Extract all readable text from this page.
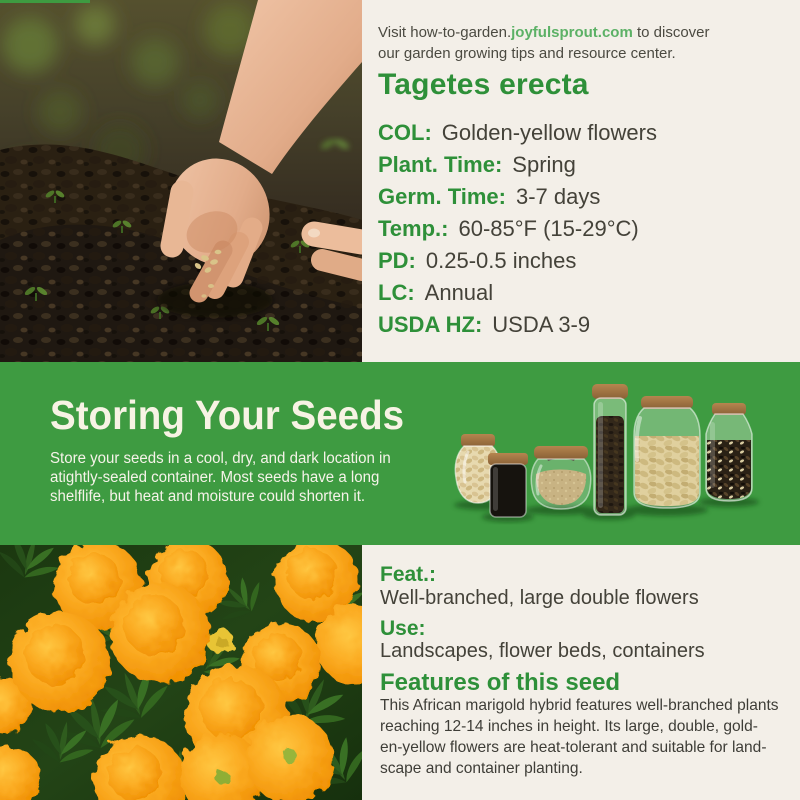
Visit how-to-garden.joyfulsprout.com to discover our garden growing tips and resource center.

Tagetes erecta
COL: Golden-yellow flowers
Plant. Time: Spring
Germ. Time: 3-7 days
Temp.: 60-85°F (15-29°C)
PD: 0.25-0.5 inches
LC: Annual
USDA HZ: USDA 3-9
Storing Your Seeds
Store your seeds in a cool, dry, and dark location in
atightly-sealed container. Most seeds have a long
shelflife, but heat and moisture could shorten it.
Feat.:
Well-branched, large double flowers
Use:
Landscapes, flower beds, containers
Features of this seed
This African marigold hybrid features well-branched plants
reaching 12-14 inches in height. Its large, double, gold-
en-yellow flowers are heat-tolerant and suitable for land-
scape and container planting.
